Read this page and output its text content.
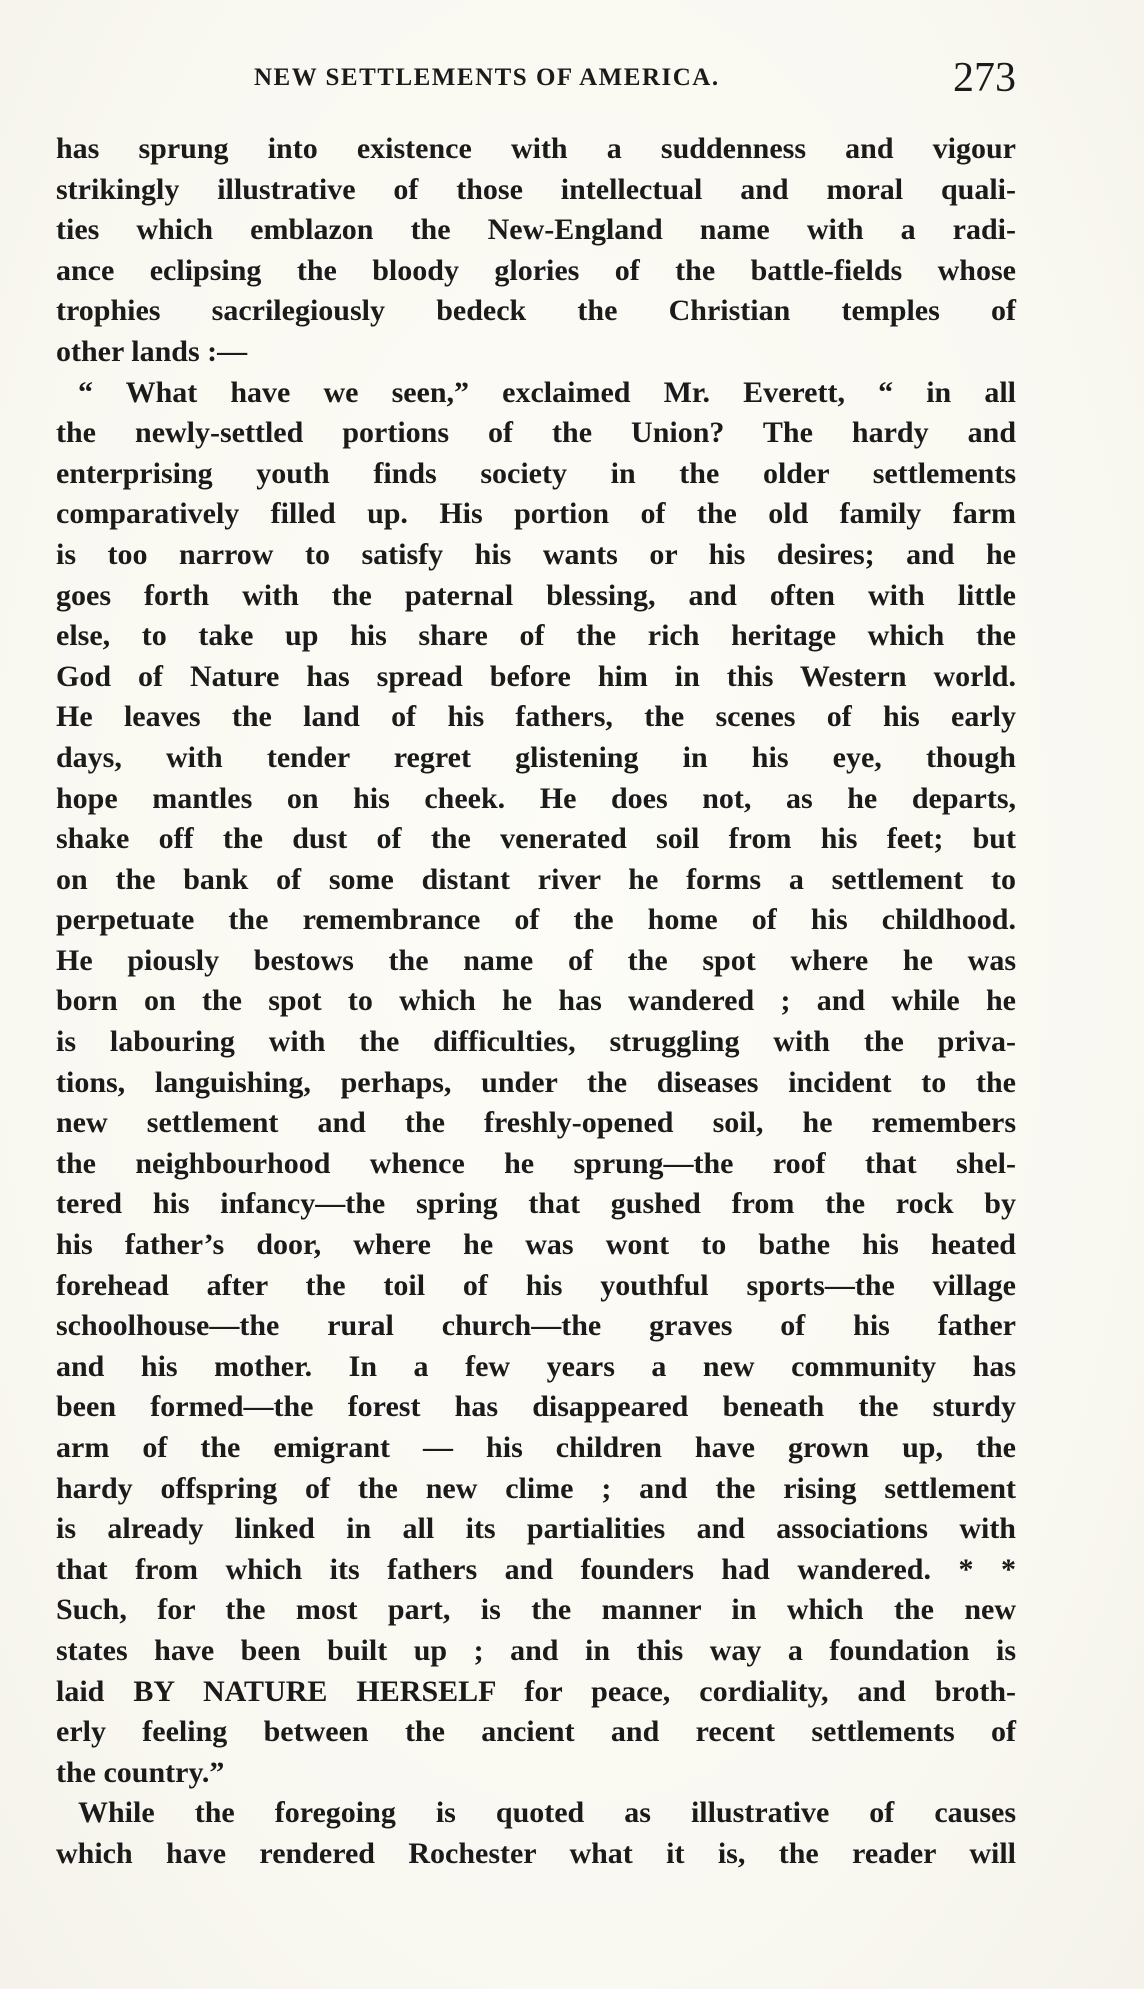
NEW SETTLEMENTS OF AMERICA.	273
has sprung into existence with a suddenness and vigour
strikingly illustrative of those intellectual and moral quali-
ties which emblazon the New-England name with a radi-
ance eclipsing the bloody glories of the battle-fields whose
trophies sacrilegiously bedeck the Christian temples of
other lands :—
“ What have we seen,” exclaimed Mr. Everett, “ in all
the newly-settled portions of the Union? The hardy and
enterprising youth finds society in the older settlements
comparatively filled up. His portion of the old family farm
is too narrow to satisfy his wants or his desires; and he
goes forth with the paternal blessing, and often with little
else, to take up his share of the rich heritage which the
God of Nature has spread before him in this Western world.
He leaves the land of his fathers, the scenes of his early
days, with tender regret glistening in his eye, though
hope mantles on his cheek. He does not, as he departs,
shake off the dust of the venerated soil from his feet; but
on the bank of some distant river he forms a settlement to
perpetuate the remembrance of the home of his childhood.
He piously bestows the name of the spot where he was
born on the spot to which he has wandered ; and while he
is labouring with the difficulties, struggling with the priva-
tions, languishing, perhaps, under the diseases incident to the
new settlement and the freshly-opened soil, he remembers
the neighbourhood whence he sprung—the roof that shel-
tered his infancy—the spring that gushed from the rock by
his father’s door, where he was wont to bathe his heated
forehead after the toil of his youthful sports—the village
schoolhouse—the rural church—the graves of his father
and his mother. In a few years a new community has
been formed—the forest has disappeared beneath the sturdy
arm of the emigrant — his children have grown up, the
hardy offspring of the new clime ; and the rising settlement
is already linked in all its partialities and associations with
that from which its fathers and founders had wandered. * *
Such, for the most part, is the manner in which the new
states have been built up ; and in this way a foundation is
laid BY NATURE HERSELF for peace, cordiality, and broth-
erly feeling between the ancient and recent settlements of
the country.”
While the foregoing is quoted as illustrative of causes
which have rendered Rochester what it is, the reader will
